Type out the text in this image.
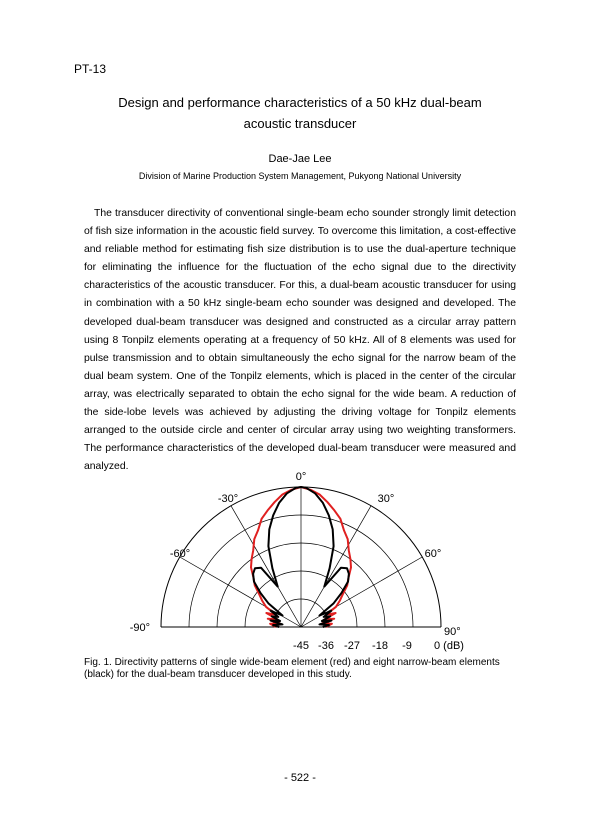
PT-13
Design and performance characteristics of a 50 kHz dual-beam
acoustic transducer
Dae-Jae Lee
Division of Marine Production System Management, Pukyong National University

The transducer directivity of conventional single-beam echo sounder strongly limit detection of fish size information in the acoustic field survey. To overcome this limitation, a cost-effective and reliable method for estimating fish size distribution is to use the dual-aperture technique for eliminating the influence for the fluctuation of the echo signal due to the directivity characteristics of the acoustic transducer. For this, a dual-beam acoustic transducer for using in combination with a 50 kHz single-beam echo sounder was designed and developed. The developed dual-beam transducer was designed and constructed as a circular array pattern using 8 Tonpilz elements operating at a frequency of 50 kHz. All of 8 elements was used for pulse transmission and to obtain simultaneously the echo signal for the narrow beam of the dual beam system. One of the Tonpilz elements, which is placed in the center of the circular array, was electrically separated to obtain the echo signal for the wide beam. A reduction of the side-lobe levels was achieved by adjusting the driving voltage for Tonpilz elements arranged to the outside circle and center of circular array using two weighting transformers. The performance characteristics of the developed dual-beam transducer were measured and analyzed.

-90°
-60°
-30°
0°
30°
60°
90°
-45 -36 -27 -18 -9 0 (dB)
Fig. 1. Directivity patterns of single wide-beam element (red) and eight narrow-beam elements (black) for the dual-beam transducer developed in this study.
- 522 -
